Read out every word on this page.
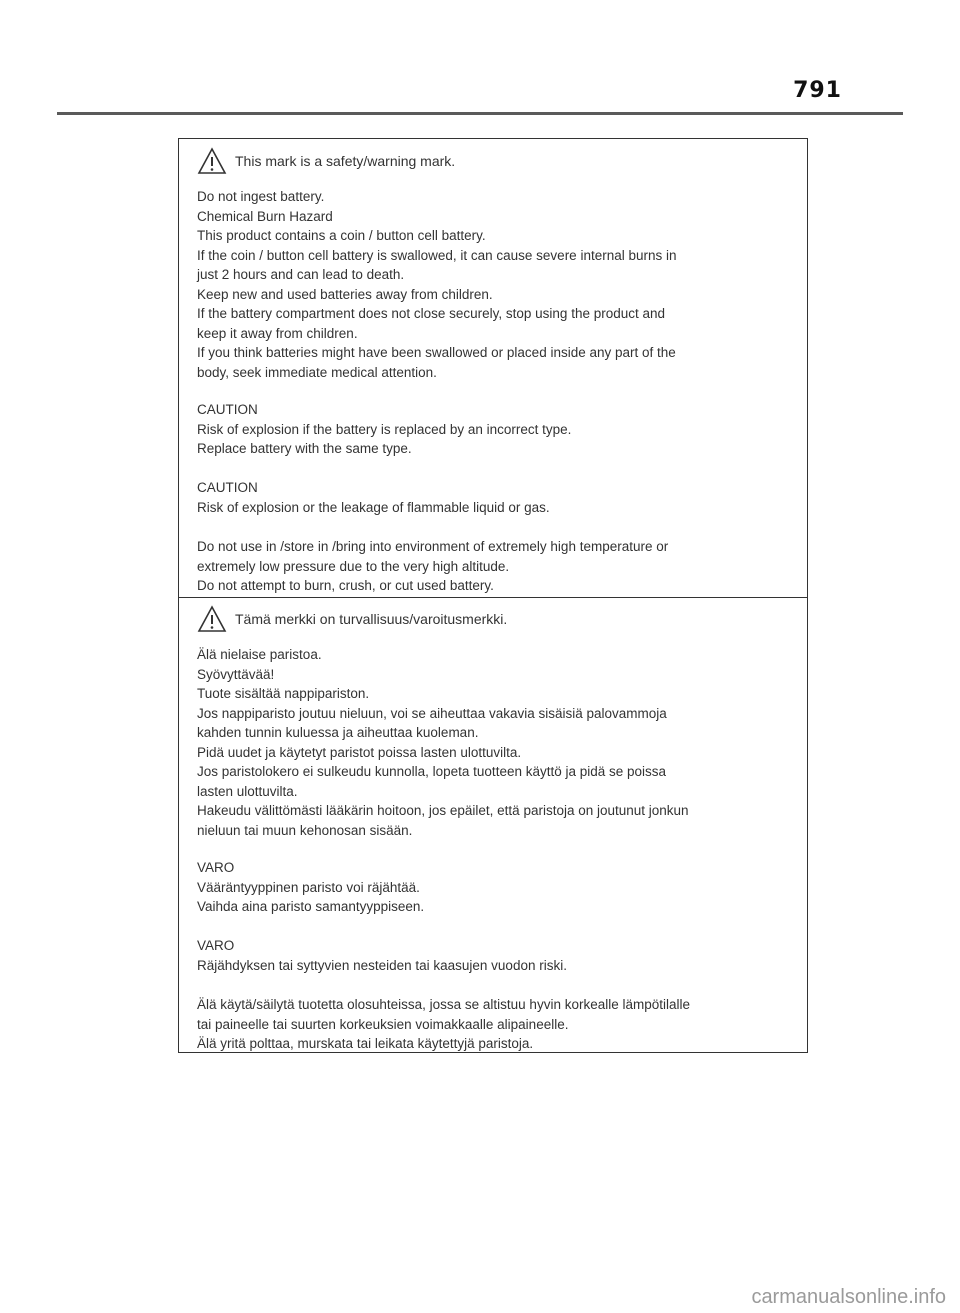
791
This mark is a safety/warning mark.
Do not ingest battery.
Chemical Burn Hazard
This product contains a coin / button cell battery.
If the coin / button cell battery is swallowed, it can cause severe internal burns in
just 2 hours and can lead to death.
Keep new and used batteries away from children.
If the battery compartment does not close securely, stop using the product and
keep it away from children.
If you think batteries might have been swallowed or placed inside any part of the
body, seek immediate medical attention.
CAUTION
Risk of explosion if the battery is replaced by an incorrect type.
Replace battery with the same type.
CAUTION
Risk of explosion or the leakage of flammable liquid or gas.
Do not use in /store in /bring into environment of extremely high temperature or
extremely low pressure due to the very high altitude.
Do not attempt to burn, crush, or cut used battery.
Tämä merkki on turvallisuus/varoitusmerkki.
Älä nielaise paristoa.
Syövyttävää!
Tuote sisältää nappipariston.
Jos nappiparisto joutuu nieluun, voi se aiheuttaa vakavia sisäisiä palovammoja
kahden tunnin kuluessa ja aiheuttaa kuoleman.
Pidä uudet ja käytetyt paristot poissa lasten ulottuvilta.
Jos paristolokero ei sulkeudu kunnolla, lopeta tuotteen käyttö ja pidä se poissa
lasten ulottuvilta.
Hakeudu välittömästi lääkärin hoitoon, jos epäilet, että paristoja on joutunut jonkun
nieluun tai muun kehonosan sisään.
VARO
Vääräntyyppinen paristo voi räjähtää.
Vaihda aina paristo samantyyppiseen.
VARO
Räjähdyksen tai syttyvien nesteiden tai kaasujen vuodon riski.
Älä käytä/säilytä tuotetta olosuhteissa, jossa se altistuu hyvin korkealle lämpötilalle
tai paineelle tai suurten korkeuksien voimakkaalle alipaineelle.
Älä yritä polttaa, murskata tai leikata käytettyjä paristoja.
carmanualsonline.info
